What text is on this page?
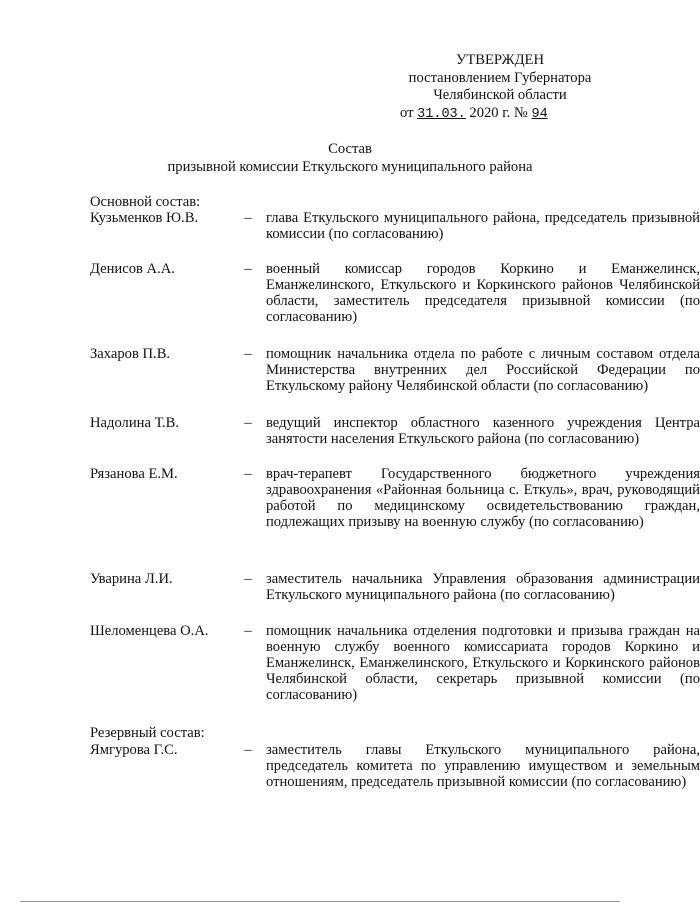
УТВЕРЖДЕН
постановлением Губернатора
Челябинской области
от 31.03. 2020 г. № 94
Состав
призывной комиссии Еткульского муниципального района
Основной состав:
Кузьменков Ю.В.	– глава Еткульского муниципального района, председатель призывной комиссии (по согласованию)
Денисов А.А.	– военный комиссар городов Коркино и Еманжелинск, Еманжелинского, Еткульского и Коркинского районов Челябинской области, заместитель председателя призывной комиссии (по согласованию)
Захаров П.В.	– помощник начальника отдела по работе с личным составом отдела Министерства внутренних дел Российской Федерации по Еткульскому району Челябинской области (по согласованию)
Надолина Т.В.	– ведущий инспектор областного казенного учреждения Центра занятости населения Еткульского района (по согласованию)
Рязанова Е.М.	– врач-терапевт Государственного бюджетного учреждения здравоохранения «Районная больница с. Еткуль», врач, руководящий работой по медицинскому освидетельствованию граждан, подлежащих призыву на военную службу (по согласованию)
Уварина Л.И.	– заместитель начальника Управления образования администрации Еткульского муниципального района (по согласованию)
Шеломенцева О.А.	– помощник начальника отделения подготовки и призыва граждан на военную службу военного комиссариата городов Коркино и Еманжелинск, Еманжелинского, Еткульского и Коркинского районов Челябинской области, секретарь призывной комиссии (по согласованию)
Резервный состав:
Ямгурова Г.С.	– заместитель главы Еткульского муниципального района, председатель комитета по управлению имуществом и земельным отношениям, председатель призывной комиссии (по согласованию)
